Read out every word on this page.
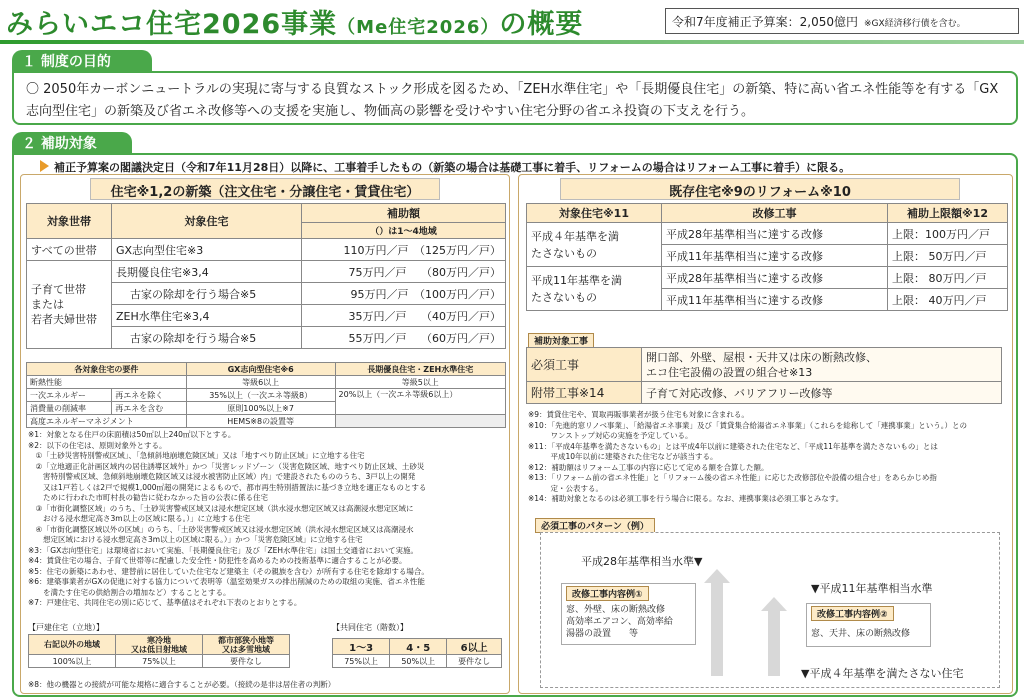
みらいエコ住宅2026事業（Me住宅2026）の概要	令和7年度補正予算案：2,050億円 ※GX経済移行債を含む。
１ 制度の目的
〇 2050年カーボンニュートラルの実現に寄与する良質なストック形成を図るため、「ZEH水準住宅」や「長期優良住宅」の新築、特に高い省エネ性能等を有する「GX志向型住宅」の新築及び省エネ改修等への支援を実施し、物価高の影響を受けやすい住宅分野の省エネ投資の下支えを行う。
２ 補助対象
補正予算案の閣議決定日（令和7年11月28日）以降に、工事着手したもの（新築の場合は基礎工事に着手、リフォームの場合はリフォーム工事に着手）に限る。
住宅※1,2の新築（注文住宅・分譲住宅・賃貸住宅）
対象世帯	対象住宅	補助額
		（）は1～4地域
すべての世帯	GX志向型住宅※3	110万円／戸　（125万円／戸）
子育て世帯
または
若者夫婦世帯	長期優良住宅※3,4	75万円／戸　 （80万円／戸）
	古家の除却を行う場合※5	95万円／戸　（100万円／戸）
	ZEH水準住宅※3,4	35万円／戸　 （40万円／戸）
	古家の除却を行う場合※5	55万円／戸　 （60万円／戸）
各対象住宅の要件		GX志向型住宅※6	長期優良住宅・ZEH水準住宅
断熱性能		等級6以上	等級5以上
一次エネルギー	再エネを除く	35%以上（一次エネ等級8）	20%以上（一次エネ等級6以上）
消費量の削減率	再エネを含む	原則100%以上※7	
高度エネルギーマネジメント		HEMS※8の設置等	
※1：対象となる住戸の床面積は50㎡以上240㎡以下とする。
※2：以下の住宅は、原則対象外とする。
　①「土砂災害特別警戒区域」、「急傾斜地崩壊危険区域」又は「地すべり防止区域」に立地する住宅
　②「立地適正化計画区域内の居住誘導区域外」かつ「災害レッドゾーン（災害危険区域、地すべり防止区域、土砂災
　　害特別警戒区域、急傾斜地崩壊危険区域又は浸水被害防止区域）内」で建設されたもののうち、3戸以上の開発
　　又は1戸若しくは2戸で規模1,000㎡超の開発によるもので、都市再生特別措置法に基づき立地を適正なものとする
　　ために行われた市町村長の勧告に従わなかった旨の公表に係る住宅
　③「市街化調整区域」のうち、「土砂災害警戒区域又は浸水想定区域（洪水浸水想定区域又は高潮浸水想定区域に
　　おける浸水想定高さ3m以上の区域に限る。）」に立地する住宅
　④「市街化調整区域以外の区域」のうち、「土砂災害警戒区域又は浸水想定区域（洪水浸水想定区域又は高潮浸水
　　想定区域における浸水想定高さ3m以上の区域に限る。）」かつ「災害危険区域」に立地する住宅
※3：「GX志向型住宅」は環境省において実施、「長期優良住宅」及び「ZEH水準住宅」は国土交通省において実施。
※4：賃貸住宅の場合、子育て世帯等に配慮した安全性・防犯性を高めるための技術基準に適合することが必要。
※5：住宅の新築にあわせ、建替前に居住していた住宅など建築主（その親族を含む）が所有する住宅を除却する場合。
※6：建築事業者がGXの促進に対する協力について表明等（温室効果ガスの排出削減のための取組の実施、省エネ性能
　　を満たす住宅の供給割合の増加など）することとする。
※7：戸建住宅、共同住宅の別に応じて、基準値はそれぞれ下表のとおりとする。
【戸建住宅（立地）】
右記以外の地域	寒冷地
又は低日射地域	都市部狭小地等
又は多雪地域
100%以上	75%以上	要件なし
【共同住宅（階数）】
1～3	4・5	6以上
75%以上	50%以上	要件なし
※8：他の機器との接続が可能な規格に適合することが必要。（接続の是非は居住者の判断）
既存住宅※9のリフォーム※10
対象住宅※11	改修工事	補助上限額※12
平成４年基準を満
たさないもの	平成28年基準相当に達する改修	上限：100万円／戸
	平成11年基準相当に達する改修	上限： 50万円／戸
平成11年基準を満
たさないもの	平成28年基準相当に達する改修	上限： 80万円／戸
	平成11年基準相当に達する改修	上限： 40万円／戸
補助対象工事
必須工事	開口部、外壁、屋根・天井又は床の断熱改修、
エコ住宅設備の設置の組合せ※13
附帯工事※14	子育て対応改修、バリアフリー改修等
※9：賃貸住宅や、買取再販事業者が扱う住宅も対象に含まれる。
※10：「先進的窓リノベ事業」、「給湯省エネ事業」及び「賃貸集合給湯省エネ事業」（これらを総称して「連携事業」という。）との
　　　ワンストップ対応の実施を予定している。
※11：「平成4年基準を満たさないもの」とは平成4年以前に建築された住宅など、「平成11年基準を満たさないもの」とは
　　　平成10年以前に建築された住宅などが該当する。
※12：補助額はリフォーム工事の内容に応じて定める額を合算した額。
※13：「リフォーム前の省エネ性能」と「リフォーム後の省エネ性能」に応じた改修部位や設備の組合せ」をあらかじめ指
　　　定・公表する。
※14：補助対象となるのは必須工事を行う場合に限る。なお、連携事業は必須工事とみなす。
必須工事のパターン（例）
平成28年基準相当水準▼
▼平成11年基準相当水準
▼平成４年基準を満たさない住宅
改修工事内容例①
窓、外壁、床の断熱改修
高効率エアコン、高効率給
湯器の設置　　等
改修工事内容例②
窓、天井、床の断熱改修
